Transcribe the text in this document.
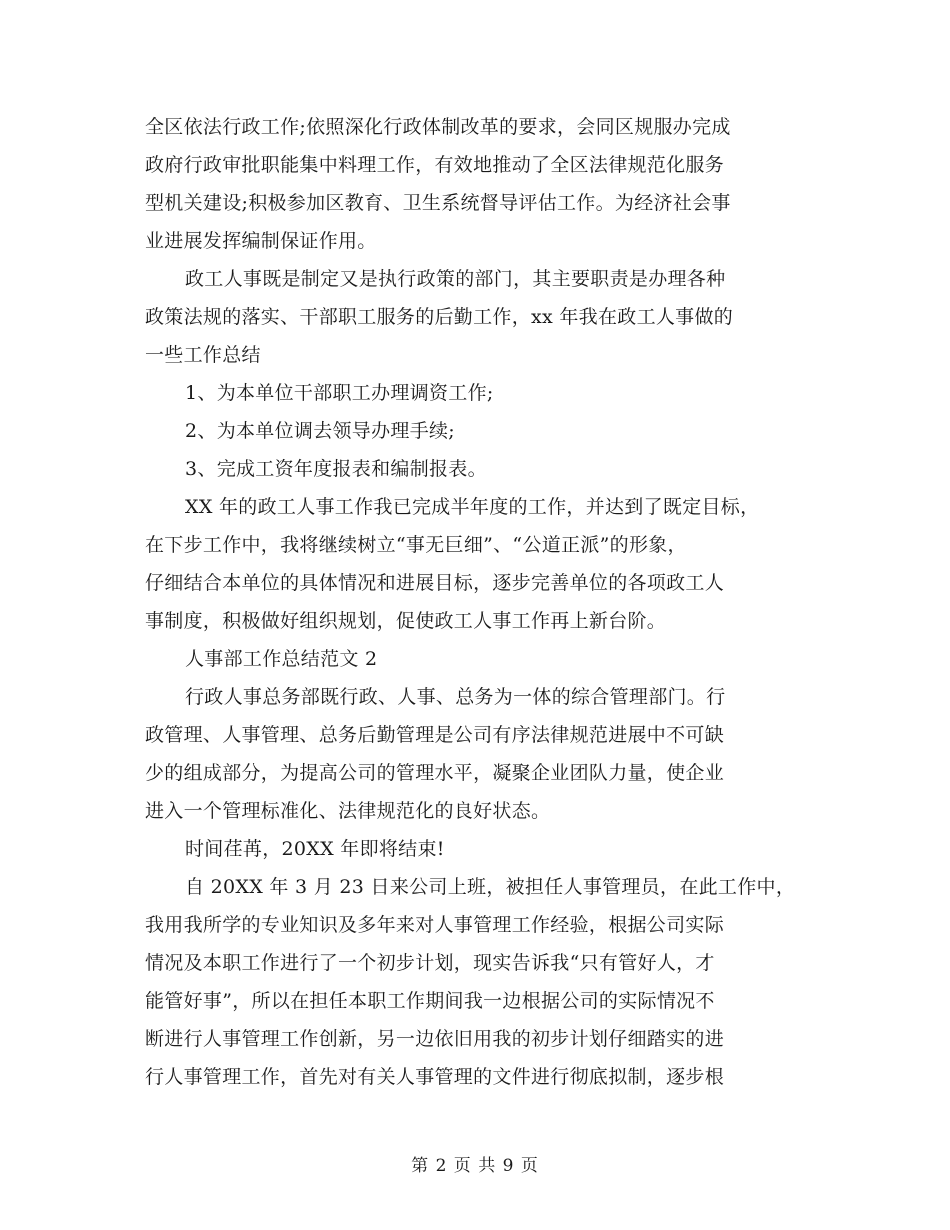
全区依法行政工作;依照深化行政体制改革的要求，会同区规服办完成
政府行政审批职能集中料理工作，有效地推动了全区法律规范化服务
型机关建设;积极参加区教育、卫生系统督导评估工作。为经济社会事
业进展发挥编制保证作用。
政工人事既是制定又是执行政策的部门，其主要职责是办理各种
政策法规的落实、干部职工服务的后勤工作，xx 年我在政工人事做的
一些工作总结
1、为本单位干部职工办理调资工作;
2、为本单位调去领导办理手续;
3、完成工资年度报表和编制报表。
XX 年的政工人事工作我已完成半年度的工作，并达到了既定目标，
在下步工作中，我将继续树立“事无巨细”、“公道正派”的形象，
仔细结合本单位的具体情况和进展目标，逐步完善单位的各项政工人
事制度，积极做好组织规划，促使政工人事工作再上新台阶。
人事部工作总结范文 2
行政人事总务部既行政、人事、总务为一体的综合管理部门。行
政管理、人事管理、总务后勤管理是公司有序法律规范进展中不可缺
少的组成部分，为提高公司的管理水平，凝聚企业团队力量，使企业
进入一个管理标准化、法律规范化的良好状态。
时间荏苒，20XX 年即将结束!
自 20XX 年 3 月 23 日来公司上班，被担任人事管理员，在此工作中，
我用我所学的专业知识及多年来对人事管理工作经验，根据公司实际
情况及本职工作进行了一个初步计划，现实告诉我“只有管好人，才
能管好事”，所以在担任本职工作期间我一边根据公司的实际情况不
断进行人事管理工作创新，另一边依旧用我的初步计划仔细踏实的进
行人事管理工作，首先对有关人事管理的文件进行彻底拟制，逐步根
第 2 页 共 9 页
